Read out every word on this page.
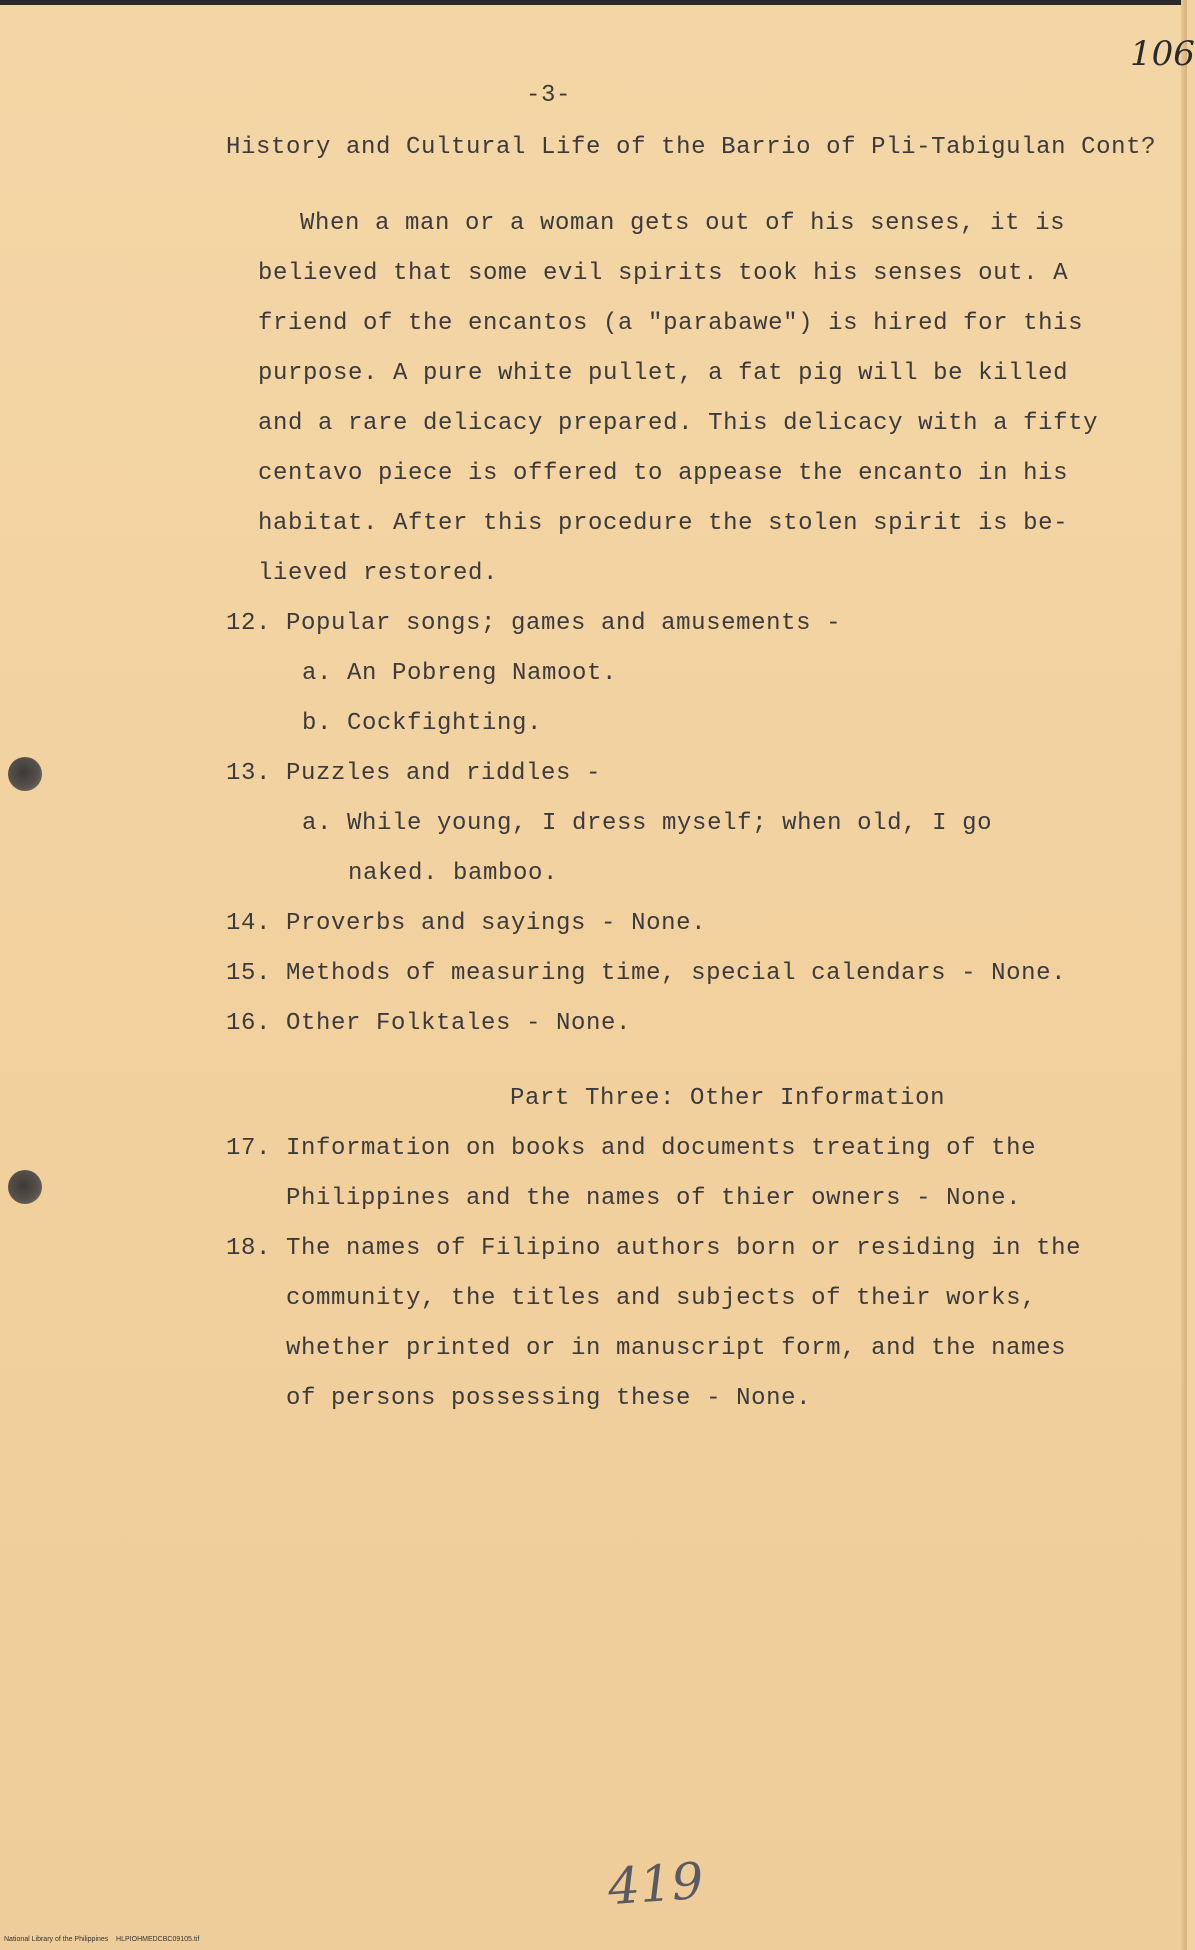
106
-3-
History and Cultural Life of the Barrio of Pli-Tabigulan Cont?
When a man or a woman gets out of his senses, it is
believed that some evil spirits took his senses out. A
friend of the encantos (a "parabawe") is hired for this
purpose. A pure white pullet, a fat pig will be killed
and a rare delicacy prepared. This delicacy with a fifty
centavo piece is offered to appease the encanto in his
habitat. After this procedure the stolen spirit is be-
lieved restored.
12. Popular songs; games and amusements -
a. An Pobreng Namoot.
b. Cockfighting.
13. Puzzles and riddles -
a. While young, I dress myself; when old, I go
naked. bamboo.
14. Proverbs and sayings - None.
15. Methods of measuring time, special calendars - None.
16. Other Folktales - None.
Part Three: Other Information
17. Information on books and documents treating of the
Philippines and the names of thier owners - None.
18. The names of Filipino authors born or residing in the
community, the titles and subjects of their works,
whether printed or in manuscript form, and the names
of persons possessing these - None.
419
National Library of the Philippines    HLPIOHMEDCBC09105.tif
